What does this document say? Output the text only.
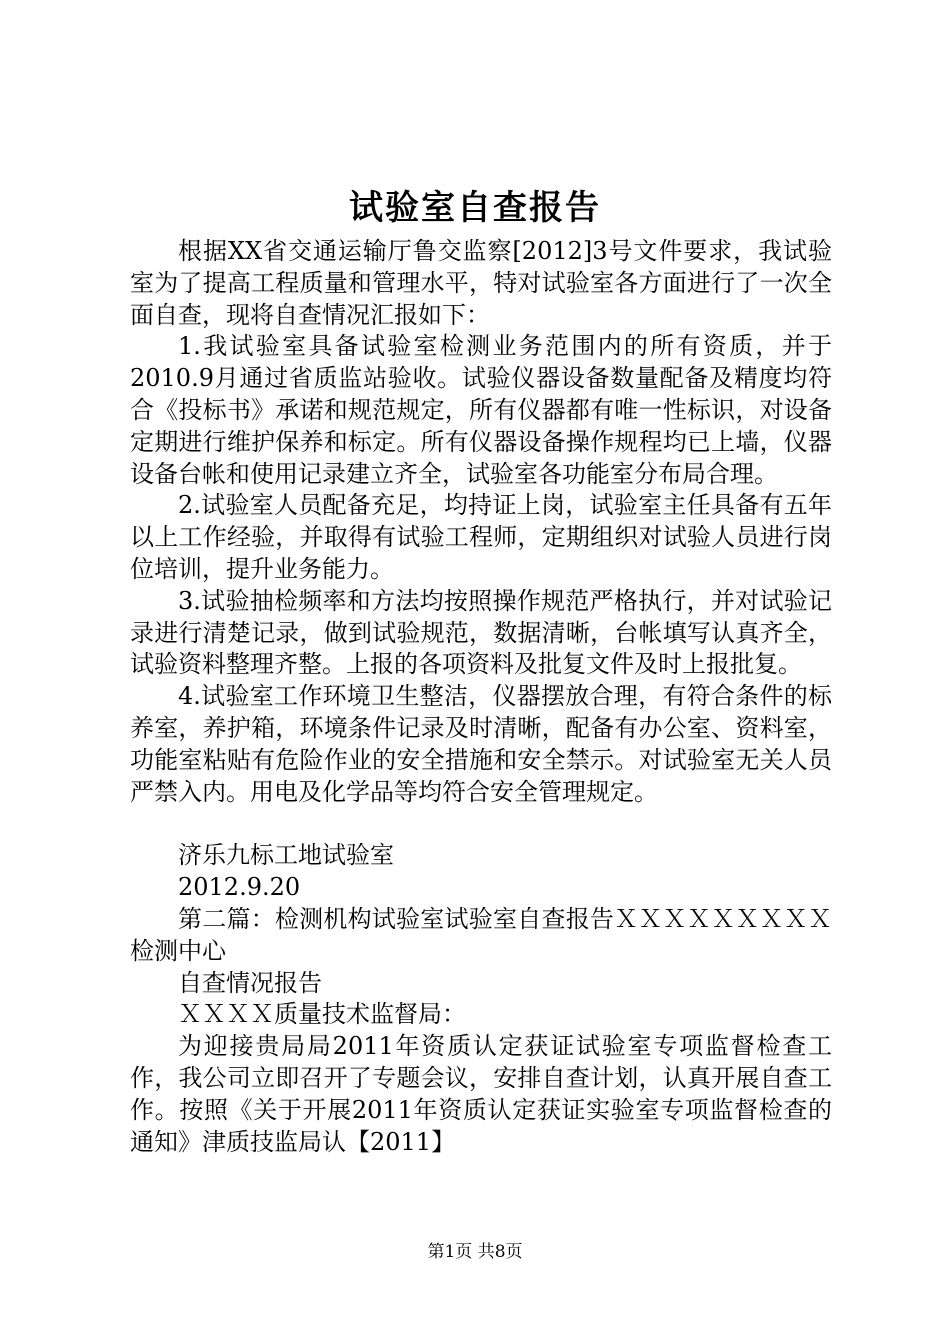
试验室自查报告

根据XX省交通运输厅鲁交监察[2012]3号文件要求，我试验室为了提高工程质量和管理水平，特对试验室各方面进行了一次全面自查，现将自查情况汇报如下：

1.我试验室具备试验室检测业务范围内的所有资质，并于2010.9月通过省质监站验收。试验仪器设备数量配备及精度均符合《投标书》承诺和规范规定，所有仪器都有唯一性标识，对设备定期进行维护保养和标定。所有仪器设备操作规程均已上墙，仪器设备台帐和使用记录建立齐全，试验室各功能室分布局合理。

2.试验室人员配备充足，均持证上岗，试验室主任具备有五年以上工作经验，并取得有试验工程师，定期组织对试验人员进行岗位培训，提升业务能力。

3.试验抽检频率和方法均按照操作规范严格执行，并对试验记录进行清楚记录，做到试验规范，数据清晰，台帐填写认真齐全，试验资料整理齐整。上报的各项资料及批复文件及时上报批复。

4.试验室工作环境卫生整洁，仪器摆放合理，有符合条件的标养室，养护箱，环境条件记录及时清晰，配备有办公室、资料室，功能室粘贴有危险作业的安全措施和安全禁示。对试验室无关人员严禁入内。用电及化学品等均符合安全管理规定。

济乐九标工地试验室

2012.9.20

第二篇：检测机构试验室试验室自查报告ＸＸＸＸＸＸＸＸＸ检测中心

自查情况报告

ＸＸＸＸ质量技术监督局：

为迎接贵局局2011年资质认定获证试验室专项监督检查工作，我公司立即召开了专题会议，安排自查计划，认真开展自查工作。按照《关于开展2011年资质认定获证实验室专项监督检查的通知》津质技监局认【2011】

第1页 共8页
